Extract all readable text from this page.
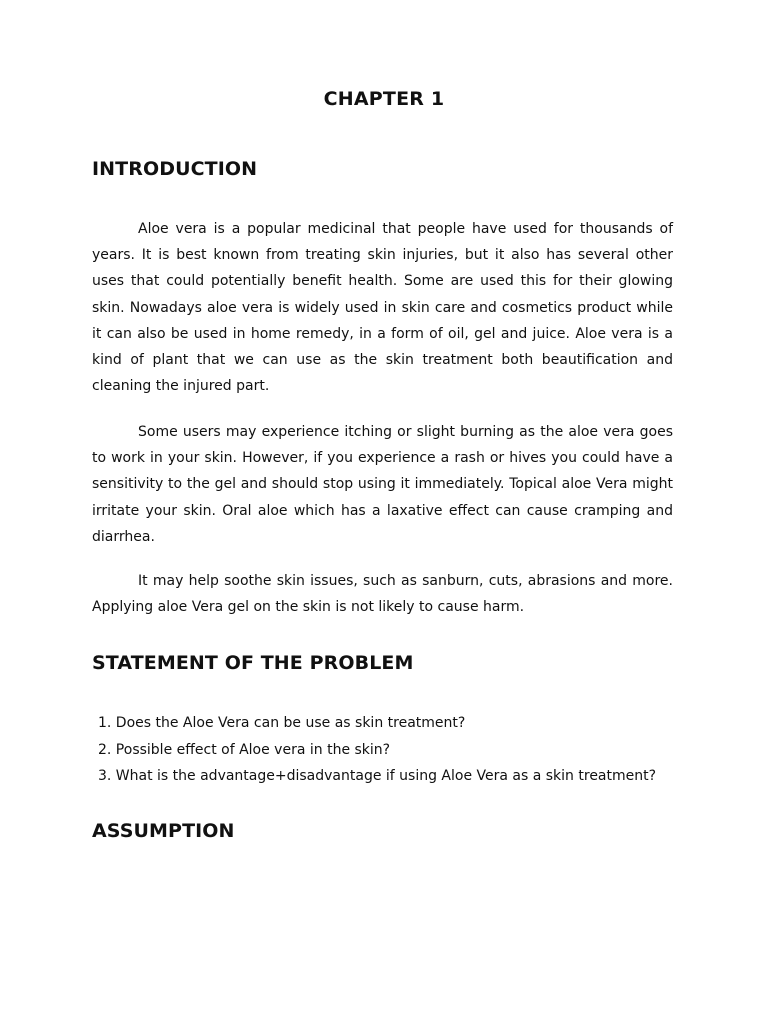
CHAPTER 1
INTRODUCTION

Aloe vera is a popular medicinal that people have used for thousands of years. It is best known from treating skin injuries, but it also has several other uses that could potentially benefit health. Some are used this for their glowing skin. Nowadays aloe vera is widely used in skin care and cosmetics product while it can also be used in home remedy, in a form of oil, gel and juice. Aloe vera is a kind of plant that we can use as the skin treatment both beautification and cleaning the injured part.

Some users may experience itching or slight burning as the aloe vera goes to work in your skin. However, if you experience a rash or hives you could have a sensitivity to the gel and should stop using it immediately. Topical aloe Vera might irritate your skin. Oral aloe which has a laxative effect can cause cramping and diarrhea.

It may help soothe skin issues, such as sanburn, cuts, abrasions and more. Applying aloe Vera gel on the skin is not likely to cause harm.

STATEMENT OF THE PROBLEM
1. Does the Aloe Vera can be use as skin treatment?
2. Possible effect of Aloe vera in the skin?
3. What is the advantage+disadvantage if using Aloe Vera as a skin treatment?
ASSUMPTION
